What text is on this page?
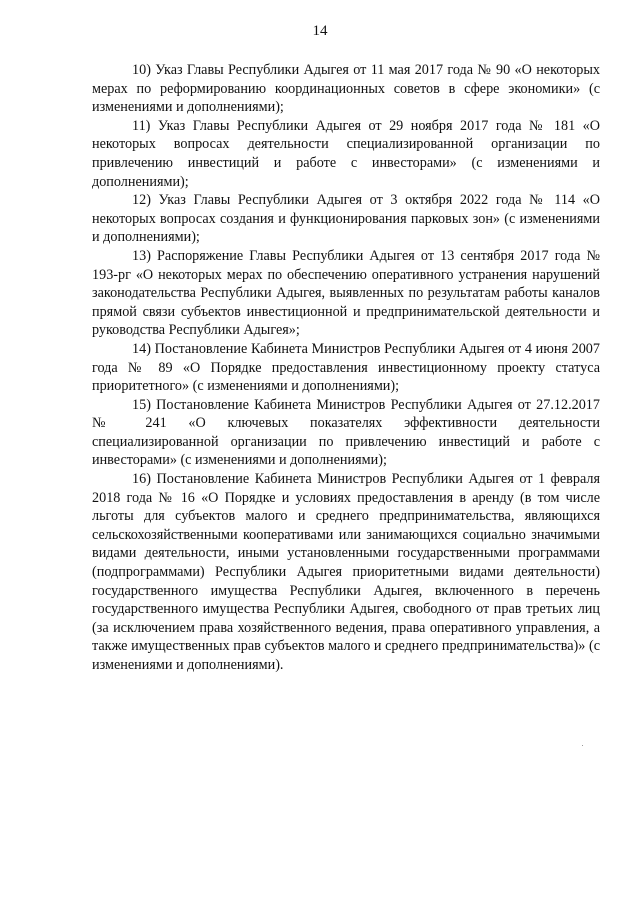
14

10) Указ Главы Республики Адыгея от 11 мая 2017 года № 90 «О некоторых мерах по реформированию координационных советов в сфере экономики» (с изменениями и дополнениями);

11) Указ Главы Республики Адыгея от 29 ноября 2017 года № 181 «О некоторых вопросах деятельности специализированной организации по привлечению инвестиций и работе с инвесторами» (с изменениями и дополнениями);

12) Указ Главы Республики Адыгея от 3 октября 2022 года № 114 «О некоторых вопросах создания и функционирования парковых зон» (с изменениями и дополнениями);

13) Распоряжение Главы Республики Адыгея от 13 сентября 2017 года № 193-рг «О некоторых мерах по обеспечению оперативного устранения нарушений законодательства Республики Адыгея, выявленных по результатам работы каналов прямой связи субъектов инвестиционной и предпринимательской деятельности и руководства Республики Адыгея»;

14) Постановление Кабинета Министров Республики Адыгея от 4 июня 2007 года № 89 «О Порядке предоставления инвестиционному проекту статуса приоритетного» (с изменениями и дополнениями);

15) Постановление Кабинета Министров Республики Адыгея от 27.12.2017 № 241 «О ключевых показателях эффективности деятельности специализированной организации по привлечению инвестиций и работе с инвесторами» (с изменениями и дополнениями);

16) Постановление Кабинета Министров Республики Адыгея от 1 февраля 2018 года № 16 «О Порядке и условиях предоставления в аренду (в том числе льготы для субъектов малого и среднего предпринимательства, являющихся сельскохозяйственными кооперативами или занимающихся социально значимыми видами деятельности, иными установленными государственными программами (подпрограммами) Республики Адыгея приоритетными видами деятельности) государственного имущества Республики Адыгея, включенного в перечень государственного имущества Республики Адыгея, свободного от прав третьих лиц (за исключением права хозяйственного ведения, права оперативного управления, а также имущественных прав субъектов малого и среднего предпринимательства)» (с изменениями и дополнениями).
